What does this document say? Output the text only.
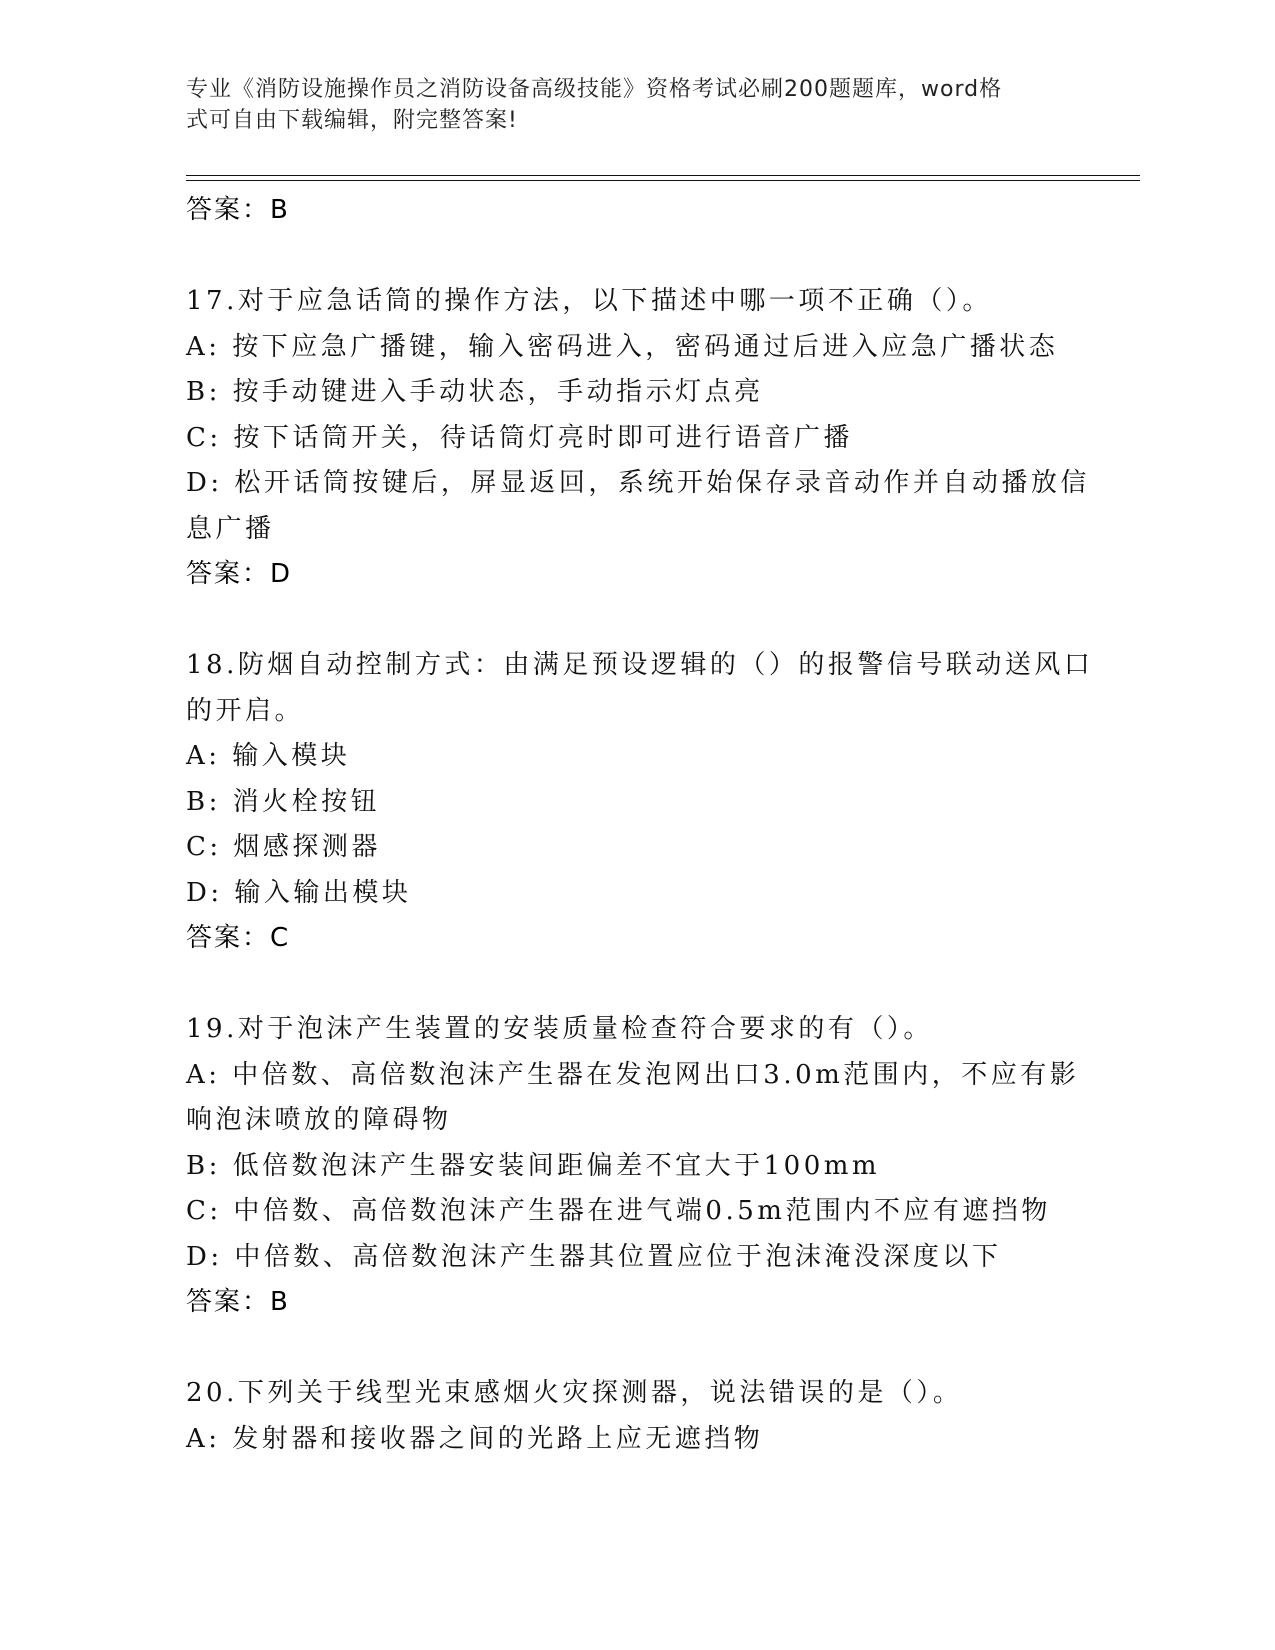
专业《消防设施操作员之消防设备高级技能》资格考试必刷200题题库，word格
式可自由下载编辑，附完整答案!
答案：B
17.对于应急话筒的操作方法，以下描述中哪一项不正确（）。
A: 按下应急广播键，输入密码进入，密码通过后进入应急广播状态
B: 按手动键进入手动状态，手动指示灯点亮
C: 按下话筒开关，待话筒灯亮时即可进行语音广播
D: 松开话筒按键后，屏显返回，系统开始保存录音动作并自动播放信
息广播
答案：D
18.防烟自动控制方式：由满足预设逻辑的（）的报警信号联动送风口
的开启。
A: 输入模块
B: 消火栓按钮
C: 烟感探测器
D: 输入输出模块
答案：C
19.对于泡沫产生装置的安装质量检查符合要求的有（）。
A: 中倍数、高倍数泡沫产生器在发泡网出口3.0m范围内，不应有影
响泡沫喷放的障碍物
B: 低倍数泡沫产生器安装间距偏差不宜大于100mm
C: 中倍数、高倍数泡沫产生器在进气端0.5m范围内不应有遮挡物
D: 中倍数、高倍数泡沫产生器其位置应位于泡沫淹没深度以下
答案：B
20.下列关于线型光束感烟火灾探测器，说法错误的是（）。
A: 发射器和接收器之间的光路上应无遮挡物
